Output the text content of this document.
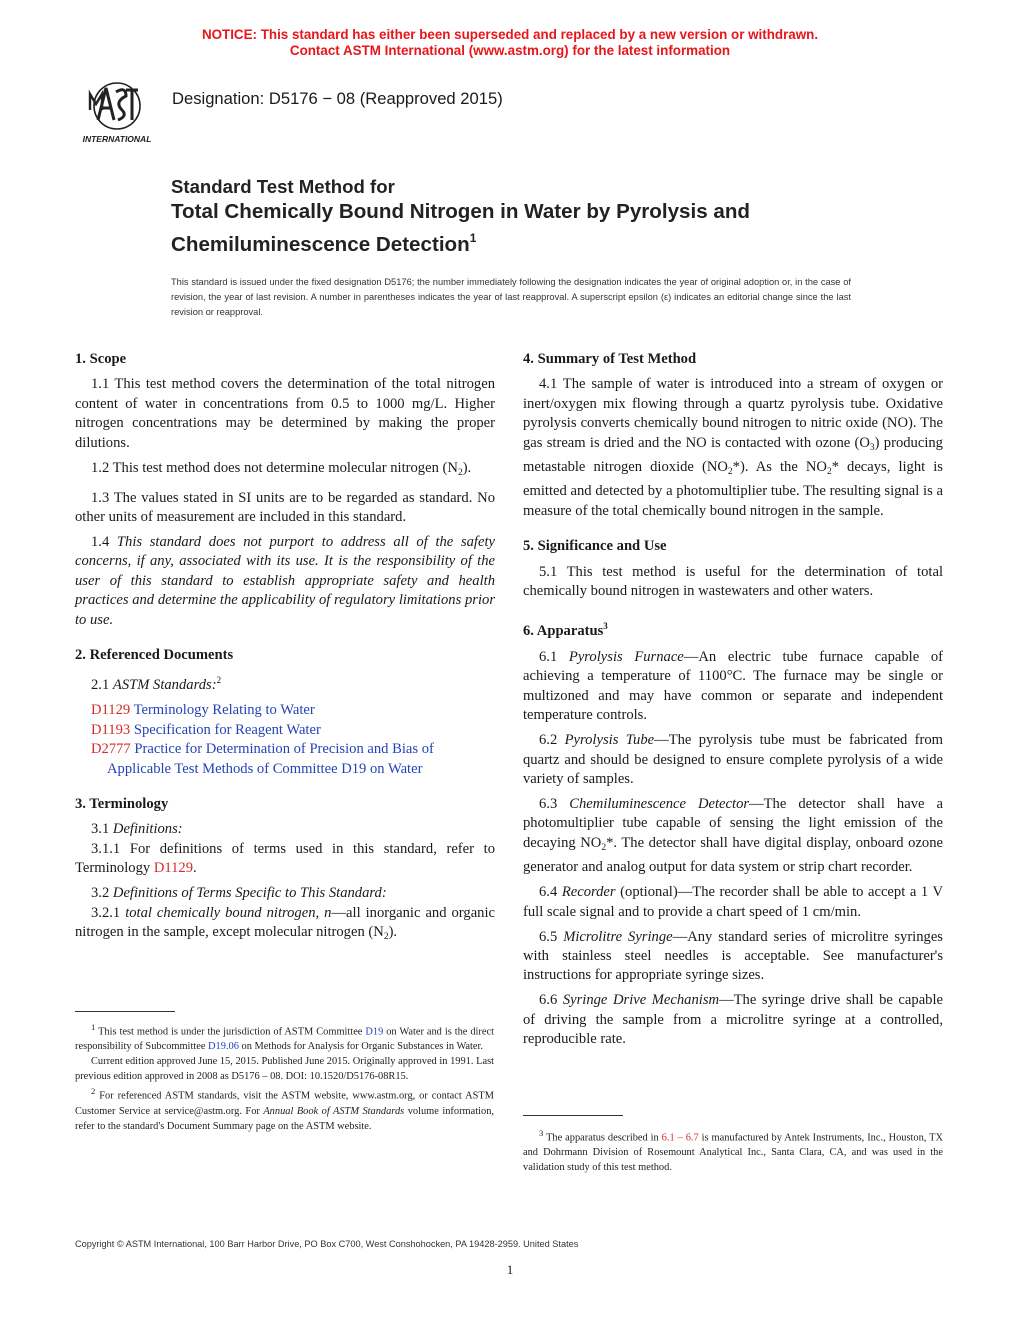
NOTICE: This standard has either been superseded and replaced by a new version or withdrawn.
Contact ASTM International (www.astm.org) for the latest information
INTERNATIONAL
Designation: D5176 − 08 (Reapproved 2015)
Standard Test Method for
Total Chemically Bound Nitrogen in Water by Pyrolysis and
Chemiluminescence Detection$^1$
This standard is issued under the fixed designation D5176; the number immediately following the designation indicates the year of original adoption or, in the case of revision, the year of last revision. A number in parentheses indicates the year of last reapproval. A superscript epsilon (ε) indicates an editorial change since the last revision or reapproval.
1. Scope

1.1 This test method covers the determination of the total nitrogen content of water in concentrations from 0.5 to 1000 mg/L. Higher nitrogen concentrations may be determined by making the proper dilutions.

1.2 This test method does not determine molecular nitrogen $(N_2)$.

1.3 The values stated in SI units are to be regarded as standard. No other units of measurement are included in this standard.

1.4 This standard does not purport to address all of the safety concerns, if any, associated with its use. It is the responsibility of the user of this standard to establish appropriate safety and health practices and determine the applicability of regulatory limitations prior to use.

2. Referenced Documents

2.1 ASTM Standards:$^2$

D1129 Terminology Relating to Water

D1193 Specification for Reagent Water

D2777 Practice for Determination of Precision and Bias of Applicable Test Methods of Committee D19 on Water

3. Terminology

3.1 Definitions:

3.1.1 For definitions of terms used in this standard, refer to Terminology D1129.

3.2 Definitions of Terms Specific to This Standard:

3.2.1 total chemically bound nitrogen, n—all inorganic and organic nitrogen in the sample, except molecular nitrogen $(N_2)$.

$^1$ This test method is under the jurisdiction of ASTM Committee D19 on Water and is the direct responsibility of Subcommittee D19.06 on Methods for Analysis for Organic Substances in Water.

Current edition approved June 15, 2015. Published June 2015. Originally approved in 1991. Last previous edition approved in 2008 as D5176 – 08. DOI: 10.1520/D5176-08R15.

$^2$ For referenced ASTM standards, visit the ASTM website, www.astm.org, or contact ASTM Customer Service at service@astm.org. For Annual Book of ASTM Standards volume information, refer to the standard's Document Summary page on the ASTM website.

4. Summary of Test Method

4.1 The sample of water is introduced into a stream of oxygen or inert/oxygen mix flowing through a quartz pyrolysis tube. Oxidative pyrolysis converts chemically bound nitrogen to nitric oxide (NO). The gas stream is dried and the NO is contacted with ozone $(O_3)$ producing metastable nitrogen dioxide $(NO_2*)$. As the $NO_2*$ decays, light is emitted and detected by a photomultiplier tube. The resulting signal is a measure of the total chemically bound nitrogen in the sample.

5. Significance and Use

5.1 This test method is useful for the determination of total chemically bound nitrogen in wastewaters and other waters.

6. Apparatus$^3$

6.1 Pyrolysis Furnace—An electric tube furnace capable of achieving a temperature of 1100°C. The furnace may be single or multizoned and may have common or separate and independent temperature controls.

6.2 Pyrolysis Tube—The pyrolysis tube must be fabricated from quartz and should be designed to ensure complete pyrolysis of a wide variety of samples.

6.3 Chemiluminescence Detector—The detector shall have a photomultiplier tube capable of sensing the light emission of the decaying $NO_2*$. The detector shall have digital display, onboard ozone generator and analog output for data system or strip chart recorder.

6.4 Recorder (optional)—The recorder shall be able to accept a 1 V full scale signal and to provide a chart speed of 1 cm/min.

6.5 Microlitre Syringe—Any standard series of microlitre syringes with stainless steel needles is acceptable. See manufacturer's instructions for appropriate syringe sizes.

6.6 Syringe Drive Mechanism—The syringe drive shall be capable of driving the sample from a microlitre syringe at a controlled, reproducible rate.

$^3$ The apparatus described in 6.1 – 6.7 is manufactured by Antek Instruments, Inc., Houston, TX and Dohrmann Division of Rosemount Analytical Inc., Santa Clara, CA, and was used in the validation study of this test method.

Copyright © ASTM International, 100 Barr Harbor Drive, PO Box C700, West Conshohocken, PA 19428-2959. United States
1
